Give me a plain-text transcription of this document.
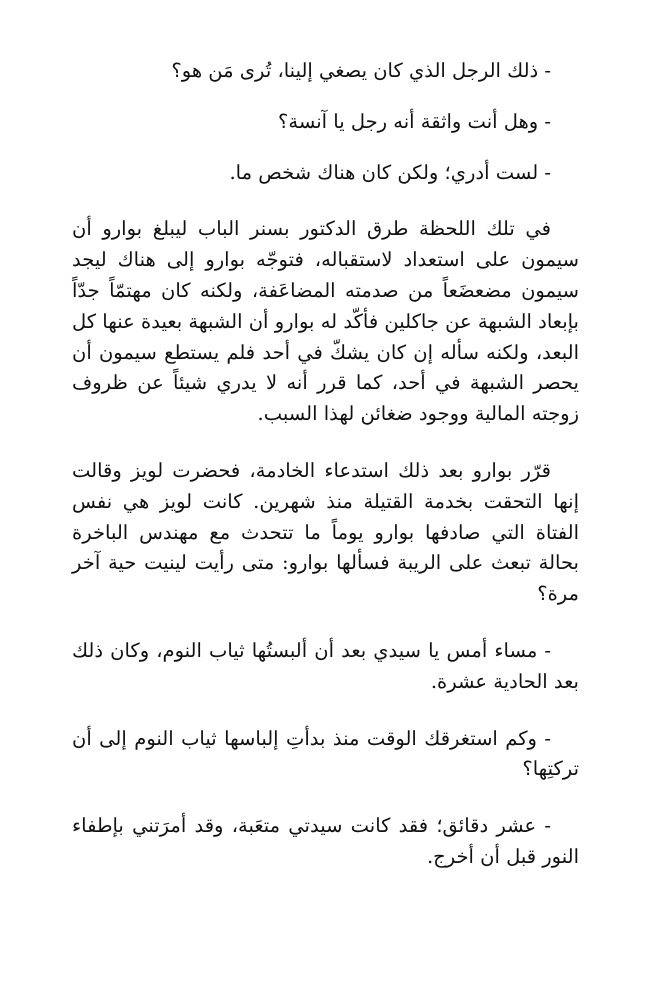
- ذلك الرجل الذي كان يصغي إلينا، تُرى مَن هو؟

- وهل أنت واثقة أنه رجل يا آنسة؟

- لست أدري؛ ولكن كان هناك شخص ما.

في تلك اللحظة طرق الدكتور بسنر الباب ليبلغ بوارو أن سيمون على استعداد لاستقباله، فتوجّه بوارو إلى هناك ليجد سيمون مضعضَعاً من صدمته المضاعَفة، ولكنه كان مهتمّاً جدّاً بإبعاد الشبهة عن جاكلين فأكّد له بوارو أن الشبهة بعيدة عنها كل البعد، ولكنه سأله إن كان يشكّ في أحد فلم يستطع سيمون أن يحصر الشبهة في أحد، كما قرر أنه لا يدري شيئاً عن ظروف زوجته المالية ووجود ضغائن لهذا السبب.

قرّر بوارو بعد ذلك استدعاء الخادمة، فحضرت لويز وقالت إنها التحقت بخدمة القتيلة منذ شهرين. كانت لويز هي نفس الفتاة التي صادفها بوارو يوماً ما تتحدث مع مهندس الباخرة بحالة تبعث على الريبة فسألها بوارو: متى رأيت لينيت حية آخر مرة؟

- مساء أمس يا سيدي بعد أن ألبستُها ثياب النوم، وكان ذلك بعد الحادية عشرة.

- وكم استغرقك الوقت منذ بدأتِ إلباسها ثياب النوم إلى أن تركتِها؟

- عشر دقائق؛ فقد كانت سيدتي متعَبة، وقد أمرَتني بإطفاء النور قبل أن أخرج.
